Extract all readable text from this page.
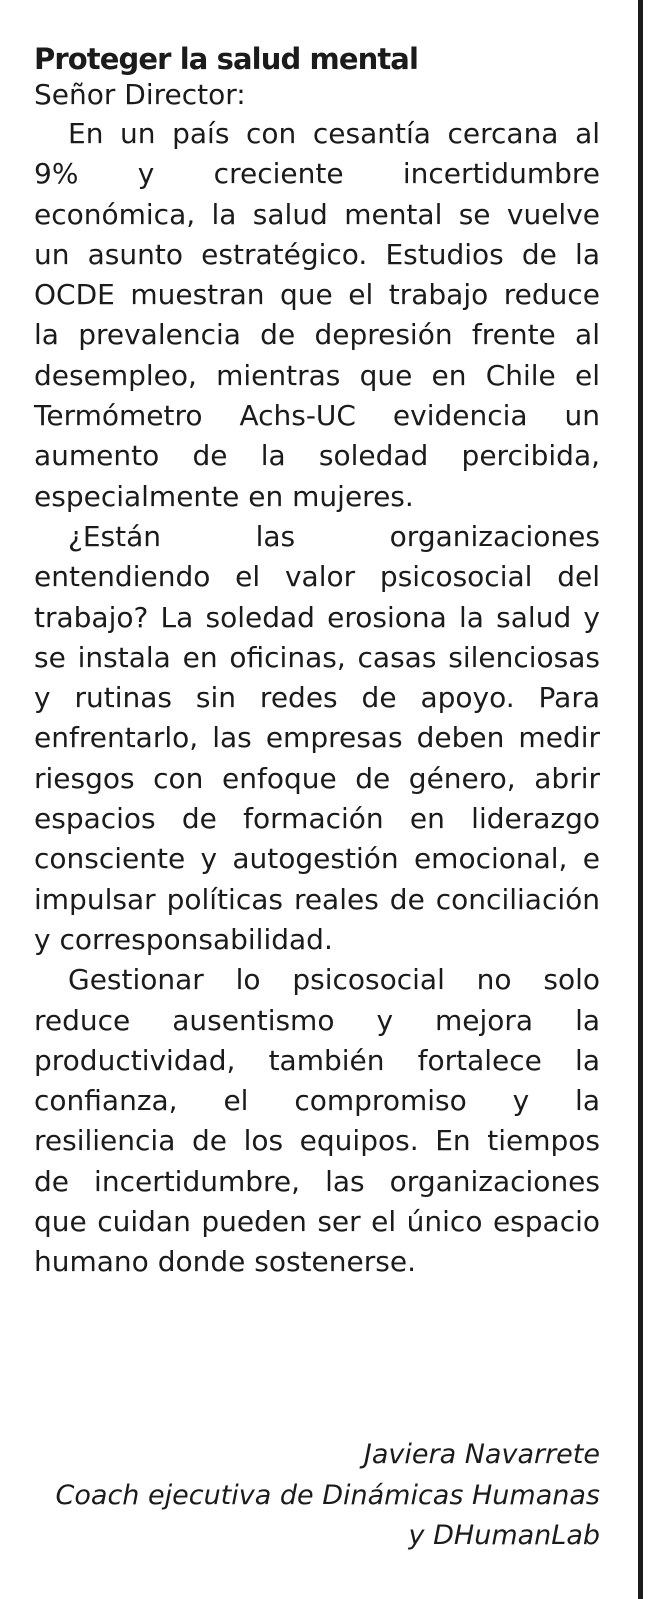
Proteger la salud mental

Señor Director:

En un país con cesantía cercana al 9% y creciente incertidumbre económica, la salud mental se vuelve un asunto estratégico. Estudios de la OCDE muestran que el trabajo reduce la prevalencia de depresión frente al desempleo, mientras que en Chile el Termómetro Achs-UC evidencia un aumento de la soledad percibida, especialmente en mujeres.

¿Están las organizaciones entendiendo el valor psicosocial del trabajo? La soledad erosiona la salud y se instala en oficinas, casas silenciosas y rutinas sin redes de apoyo. Para enfrentarlo, las empresas deben medir riesgos con enfoque de género, abrir espacios de formación en liderazgo consciente y autogestión emocional, e impulsar políticas reales de conciliación y corresponsabilidad.

Gestionar lo psicosocial no solo reduce ausentismo y mejora la productividad, también fortalece la confianza, el compromiso y la resiliencia de los equipos. En tiempos de incertidumbre, las organizaciones que cuidan pueden ser el único espacio humano donde sostenerse.

Javiera Navarrete
Coach ejecutiva de Dinámicas Humanas
y DHumanLab
